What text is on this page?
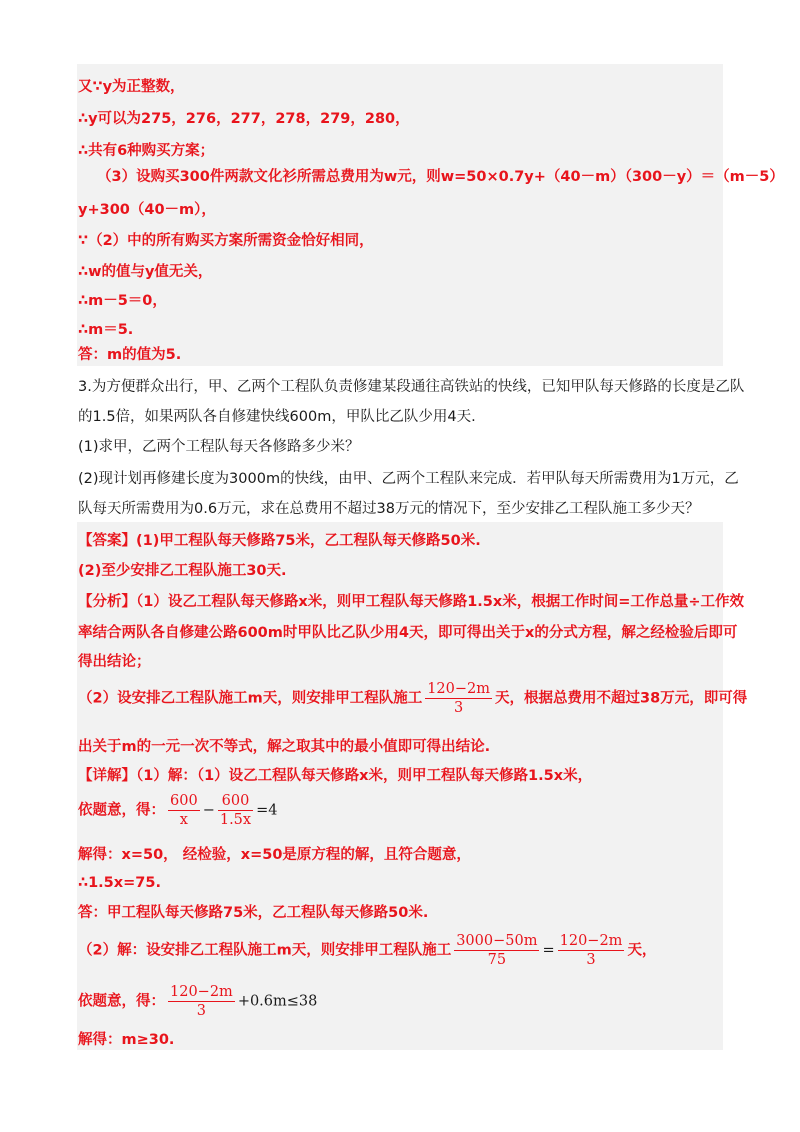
又∵y为正整数，
∴y可以为275，276，277，278，279，280，
∴共有6种购买方案；
（3）设购买300件两款文化衫所需总费用为w元，则w=50×0.7y+（40－m）（300－y）＝（m－5）
y+300（40－m），
∵（2）中的所有购买方案所需资金恰好相同，
∴w的值与y值无关，
∴m－5＝0，
∴m＝5.
答：m的值为5.
3.为方便群众出行，甲、乙两个工程队负责修建某段通往高铁站的快线，已知甲队每天修路的长度是乙队
的1.5倍，如果两队各自修建快线600m，甲队比乙队少用4天.
(1)求甲，乙两个工程队每天各修路多少米？
(2)现计划再修建长度为3000m的快线，由甲、乙两个工程队来完成．若甲队每天所需费用为1万元，乙
队每天所需费用为0.6万元，求在总费用不超过38万元的情况下，至少安排乙工程队施工多少天？
【答案】(1)甲工程队每天修路75米，乙工程队每天修路50米.
(2)至少安排乙工程队施工30天.
【分析】（1）设乙工程队每天修路x米，则甲工程队每天修路1.5x米，根据工作时间=工作总量÷工作效
率结合两队各自修建公路600m时甲队比乙队少用4天，即可得出关于x的分式方程，解之经检验后即可
得出结论；
（2）设安排乙工程队施工m天，则安排甲工程队施工 $\frac{120-2m}{3}$ 天，根据总费用不超过38万元，即可得
出关于m的一元一次不等式，解之取其中的最小值即可得出结论.
【详解】（1）解：（1）设乙工程队每天修路x米，则甲工程队每天修路1.5x米，
依题意，得： $\frac{600}{x} - \frac{600}{1.5x} =4$
解得：x=50， 经检验，x=50是原方程的解，且符合题意，
∴1.5x=75.
答：甲工程队每天修路75米，乙工程队每天修路50米.
（2）解：设安排乙工程队施工m天，则安排甲工程队施工 $\frac{3000-50m}{75} = \frac{120-2m}{3}$ 天，
依题意，得： $\frac{120-2m}{3} +0.6m\le 38$
解得：m≥30.
